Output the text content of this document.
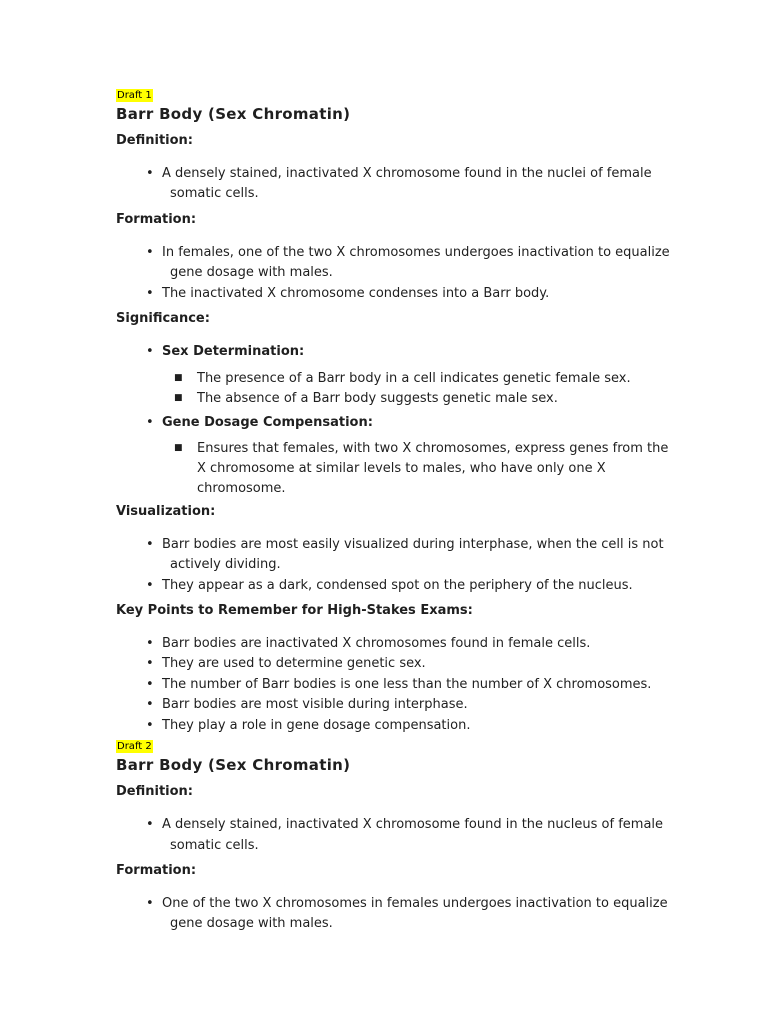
Draft 1
Barr Body (Sex Chromatin)
Definition:
• A densely stained, inactivated X chromosome found in the nuclei of female
somatic cells.
Formation:
• In females, one of the two X chromosomes undergoes inactivation to equalize
gene dosage with males.
• The inactivated X chromosome condenses into a Barr body.
Significance:
• Sex Determination:
■ The presence of a Barr body in a cell indicates genetic female sex.
■ The absence of a Barr body suggests genetic male sex.
• Gene Dosage Compensation:
■ Ensures that females, with two X chromosomes, express genes from the
X chromosome at similar levels to males, who have only one X
chromosome.
Visualization:
• Barr bodies are most easily visualized during interphase, when the cell is not
actively dividing.
• They appear as a dark, condensed spot on the periphery of the nucleus.
Key Points to Remember for High-Stakes Exams:
• Barr bodies are inactivated X chromosomes found in female cells.
• They are used to determine genetic sex.
• The number of Barr bodies is one less than the number of X chromosomes.
• Barr bodies are most visible during interphase.
• They play a role in gene dosage compensation.
Draft 2
Barr Body (Sex Chromatin)
Definition:
• A densely stained, inactivated X chromosome found in the nucleus of female
somatic cells.
Formation:
• One of the two X chromosomes in females undergoes inactivation to equalize
gene dosage with males.
